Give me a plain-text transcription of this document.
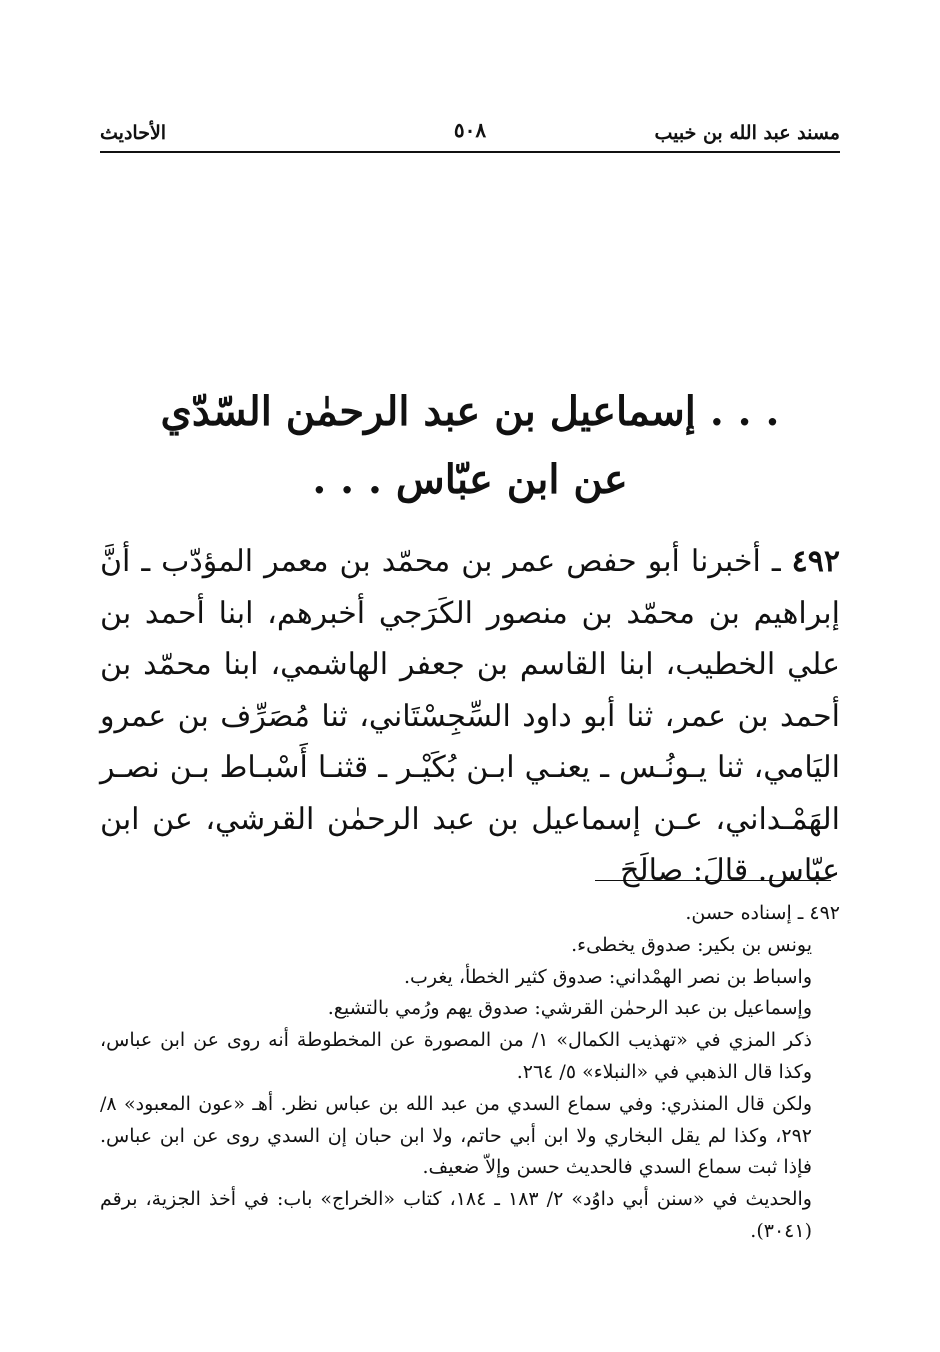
مسند عبد الله بن خبيب
٥٠٨
الأحاديث
. . . إسماعيل بن عبد الرحمٰن السّدّي
عن ابن عبّاس . . .
٤٩٢ ـ أخبرنا أبو حفص عمر بن محمّد بن معمر المؤدّب ـ أنَّ إبراهيم بن محمّد بن منصور الكَرَجي أخبرهم، ابنا أحمد بن علي الخطيب، ابنا القاسم بن جعفر الهاشمي، ابنا محمّد بن أحمد بن عمر، ثنا أبو داود السِّجِسْتَاني، ثنا مُصَرِّف بن عمرو اليَامي، ثنا يـونُـس ـ يعنـي ابـن بُكَيْـر ـ قثنـا أَسْبـاط بـن نصـر الهَمْـداني، عـن إسماعيل بن عبد الرحمٰن القرشي، عن ابن عبّاس. قالَ: صالَحَ

٤٩٢ ـ إسناده حسن.

يونس بن بكير: صدوق يخطىء.

واسباط بن نصر الهمْداني: صدوق كثير الخطأ، يغرب.

وإسماعيل بن عبد الرحمٰن القرشي: صدوق يهم ورُمي بالتشيع.

ذكر المزي في «تهذيب الكمال» ١/ من المصورة عن المخطوطة أنه روى عن ابن عباس، وكذا قال الذهبي في «النبلاء» ٥/ ٢٦٤.

ولكن قال المنذري: وفي سماع السدي من عبد الله بن عباس نظر. أهـ «عون المعبود» ٨/ ٢٩٢، وكذا لم يقل البخاري ولا ابن أبي حاتم، ولا ابن حبان إن السدي روى عن ابن عباس. فإذا ثبت سماع السدي فالحديث حسن وإلاّ ضعيف.

والحديث في «سنن أبي داوُد» ٢/ ١٨٣ ـ ١٨٤، كتاب «الخراج» باب: في أخذ الجزية، برقم (٣٠٤١).
